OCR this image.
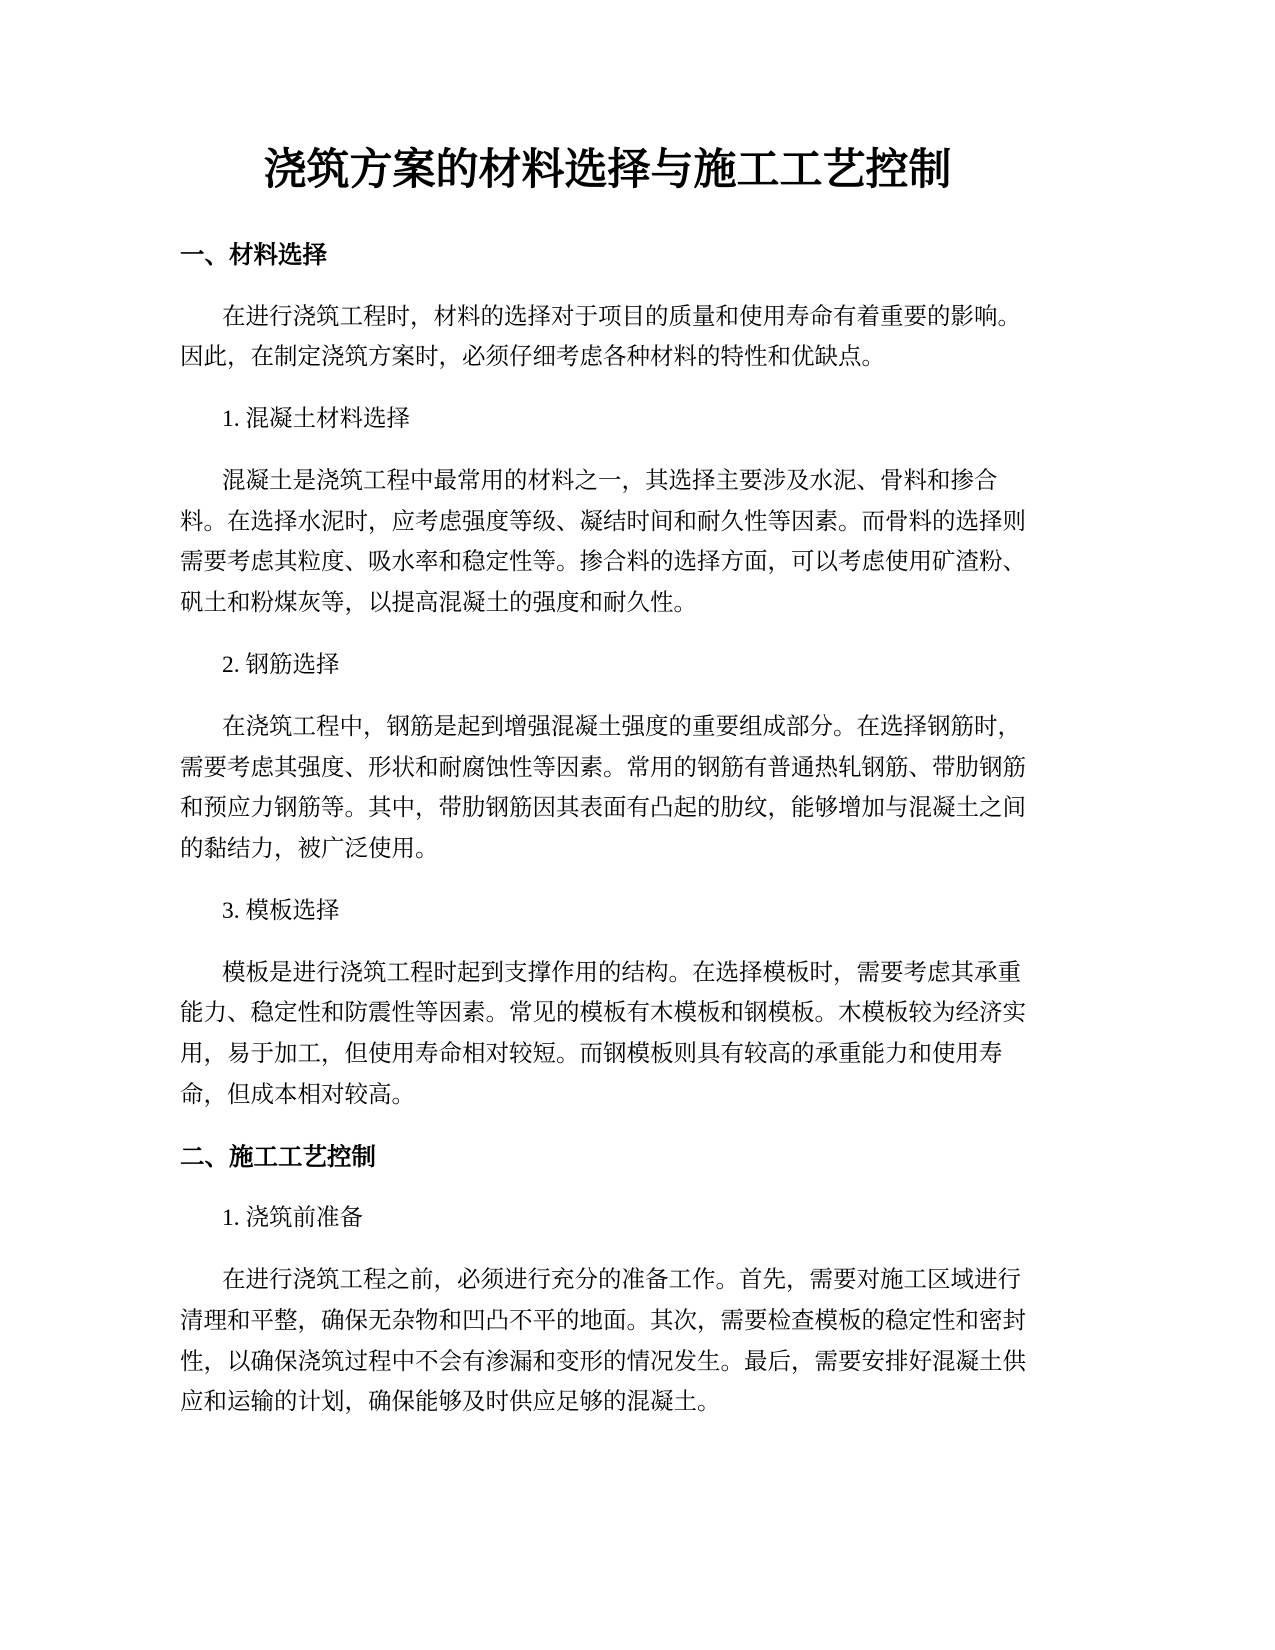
浇筑方案的材料选择与施工工艺控制
一、材料选择
在进行浇筑工程时，材料的选择对于项目的质量和使用寿命有着重要的影响。
因此，在制定浇筑方案时，必须仔细考虑各种材料的特性和优缺点。
1. 混凝土材料选择
混凝土是浇筑工程中最常用的材料之一，其选择主要涉及水泥、骨料和掺合
料。在选择水泥时，应考虑强度等级、凝结时间和耐久性等因素。而骨料的选择则
需要考虑其粒度、吸水率和稳定性等。掺合料的选择方面，可以考虑使用矿渣粉、
矾土和粉煤灰等，以提高混凝土的强度和耐久性。
2. 钢筋选择
在浇筑工程中，钢筋是起到增强混凝土强度的重要组成部分。在选择钢筋时，
需要考虑其强度、形状和耐腐蚀性等因素。常用的钢筋有普通热轧钢筋、带肋钢筋
和预应力钢筋等。其中，带肋钢筋因其表面有凸起的肋纹，能够增加与混凝土之间
的黏结力，被广泛使用。
3. 模板选择
模板是进行浇筑工程时起到支撑作用的结构。在选择模板时，需要考虑其承重
能力、稳定性和防震性等因素。常见的模板有木模板和钢模板。木模板较为经济实
用，易于加工，但使用寿命相对较短。而钢模板则具有较高的承重能力和使用寿
命，但成本相对较高。
二、施工工艺控制
1. 浇筑前准备
在进行浇筑工程之前，必须进行充分的准备工作。首先，需要对施工区域进行
清理和平整，确保无杂物和凹凸不平的地面。其次，需要检查模板的稳定性和密封
性，以确保浇筑过程中不会有渗漏和变形的情况发生。最后，需要安排好混凝土供
应和运输的计划，确保能够及时供应足够的混凝土。
